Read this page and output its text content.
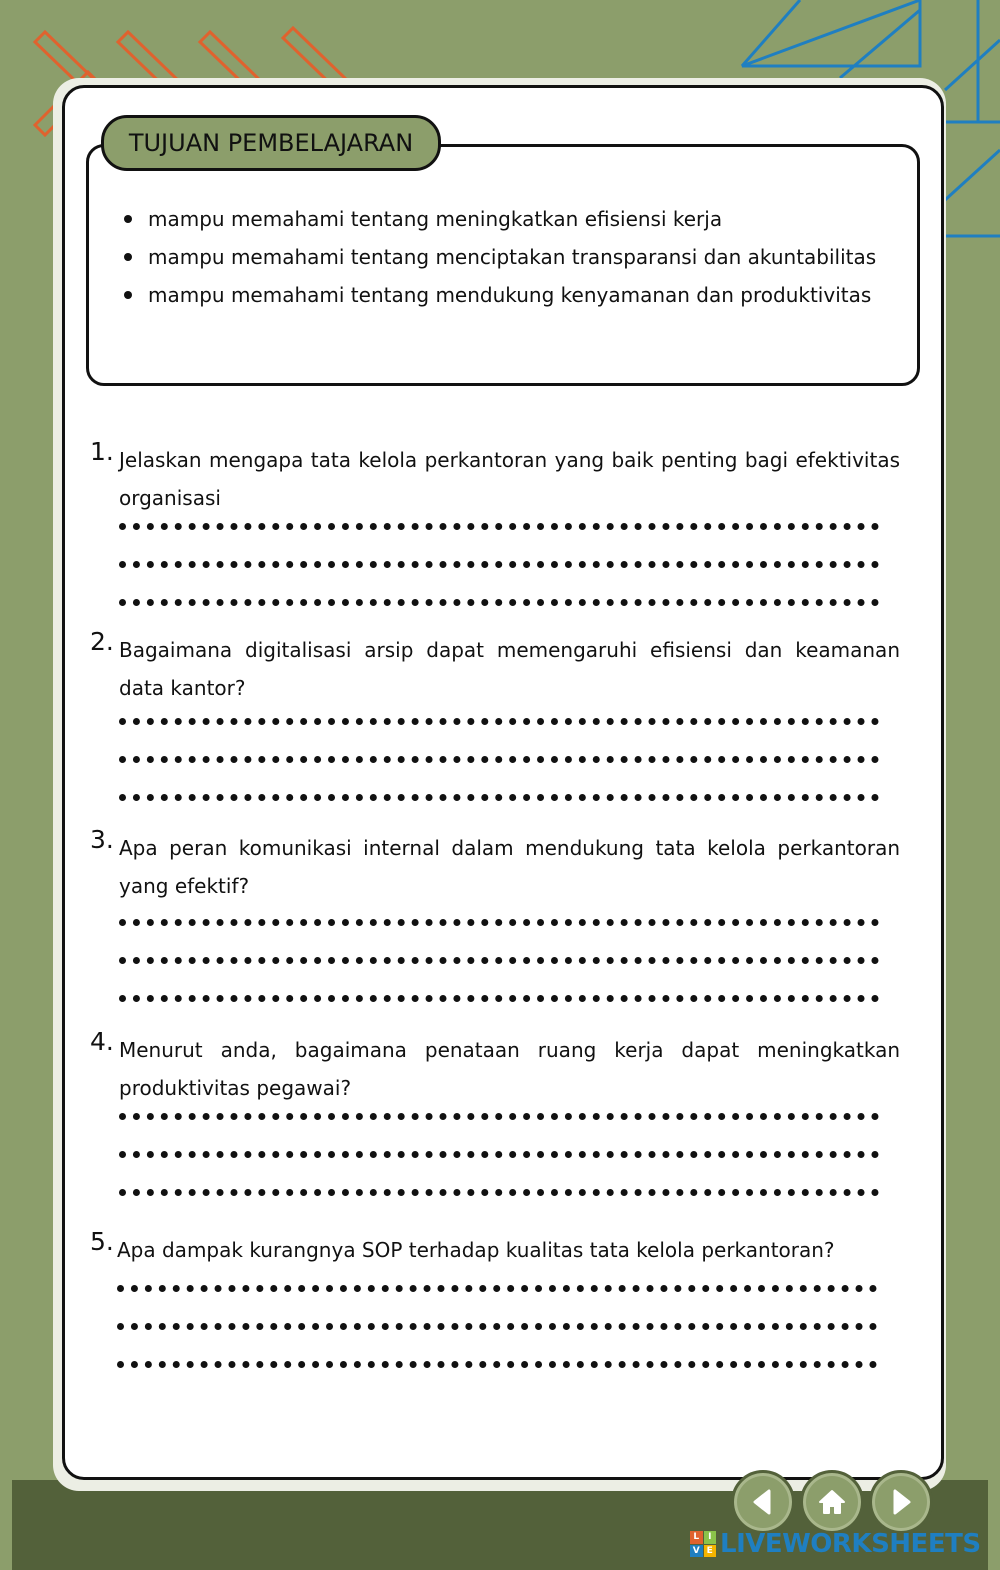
TUJUAN PEMBELAJARAN
mampu memahami tentang meningkatkan efisiensi kerja
mampu memahami tentang menciptakan transparansi dan akuntabilitas
mampu memahami tentang mendukung kenyamanan dan produktivitas
1. Jelaskan mengapa tata kelola perkantoran yang baik penting bagi efektivitas organisasi
2. Bagaimana digitalisasi arsip dapat memengaruhi efisiensi dan keamanan data kantor?
3. Apa peran komunikasi internal dalam mendukung tata kelola perkantoran yang efektif?
4. Menurut anda, bagaimana penataan ruang kerja dapat meningkatkan produktivitas pegawai?
5. Apa dampak kurangnya SOP terhadap kualitas tata kelola perkantoran?
L I
V E LIVEWORKSHEETS
